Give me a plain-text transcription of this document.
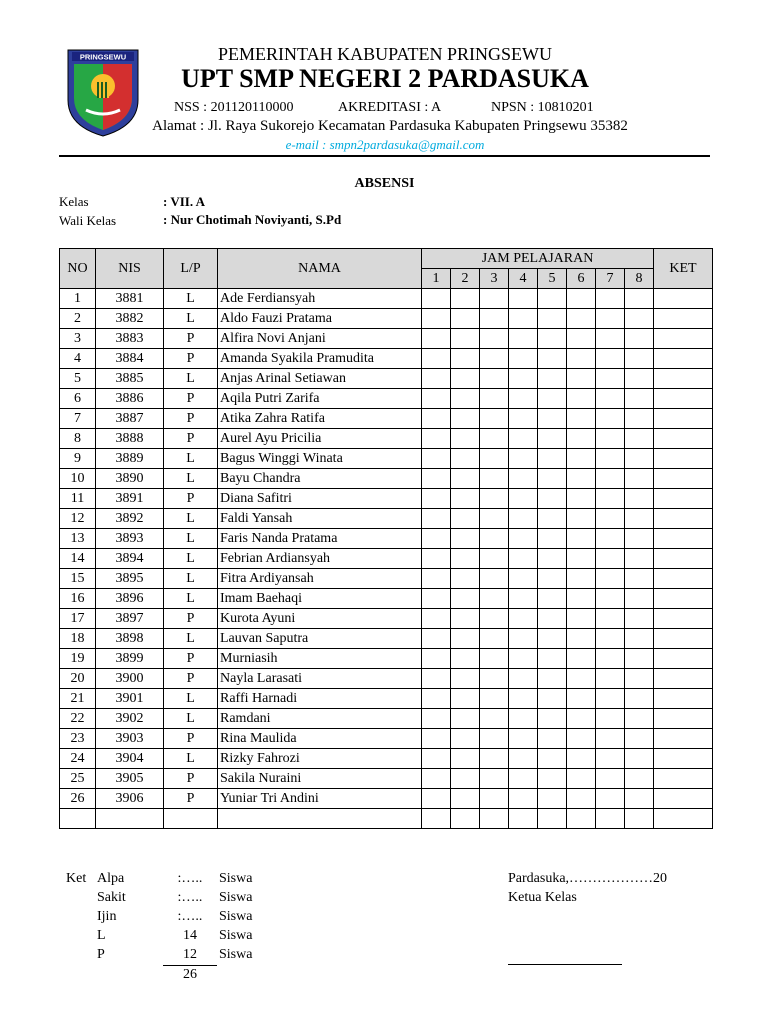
PRINGSEWU	PEMERINTAH KABUPATEN PRINGSEWU
UPT SMP NEGERI 2 PARDASUKA
NSS : 201120110000	AKREDITASI : A	NPSN : 10810201
Alamat : Jl. Raya Sukorejo Kecamatan Pardasuka Kabupaten Pringsewu 35382
e-mail : smpn2pardasuka@gmail.com
ABSENSI
Kelas	: VII. A
Wali Kelas	: Nur Chotimah Noviyanti, S.Pd
NO	NIS	L/P	NAMA	JAM PELAJARAN								KET
				1	2	3	4	5	6	7	8	
1	3881	L	Ade Ferdiansyah									
2	3882	L	Aldo Fauzi Pratama									
3	3883	P	Alfira Novi Anjani									
4	3884	P	Amanda Syakila Pramudita									
5	3885	L	Anjas Arinal Setiawan									
6	3886	P	Aqila Putri Zarifa									
7	3887	P	Atika Zahra Ratifa									
8	3888	P	Aurel Ayu Pricilia									
9	3889	L	Bagus Winggi Winata									
10	3890	L	Bayu Chandra									
11	3891	P	Diana Safitri									
12	3892	L	Faldi Yansah									
13	3893	L	Faris Nanda Pratama									
14	3894	L	Febrian Ardiansyah									
15	3895	L	Fitra Ardiyansah									
16	3896	L	Imam Baehaqi									
17	3897	P	Kurota Ayuni									
18	3898	L	Lauvan Saputra									
19	3899	P	Murniasih									
20	3900	P	Nayla Larasati									
21	3901	L	Raffi Harnadi									
22	3902	L	Ramdani									
23	3903	P	Rina Maulida									
24	3904	L	Rizky Fahrozi									
25	3905	P	Sakila Nuraini									
26	3906	P	Yuniar Tri Andini									

Ket Alpa	:…..	Siswa
Sakit	:…..	Siswa
Ijin	:…..	Siswa
L	14	Siswa
P	12	Siswa
26
Pardasuka,………………20
Ketua Kelas
